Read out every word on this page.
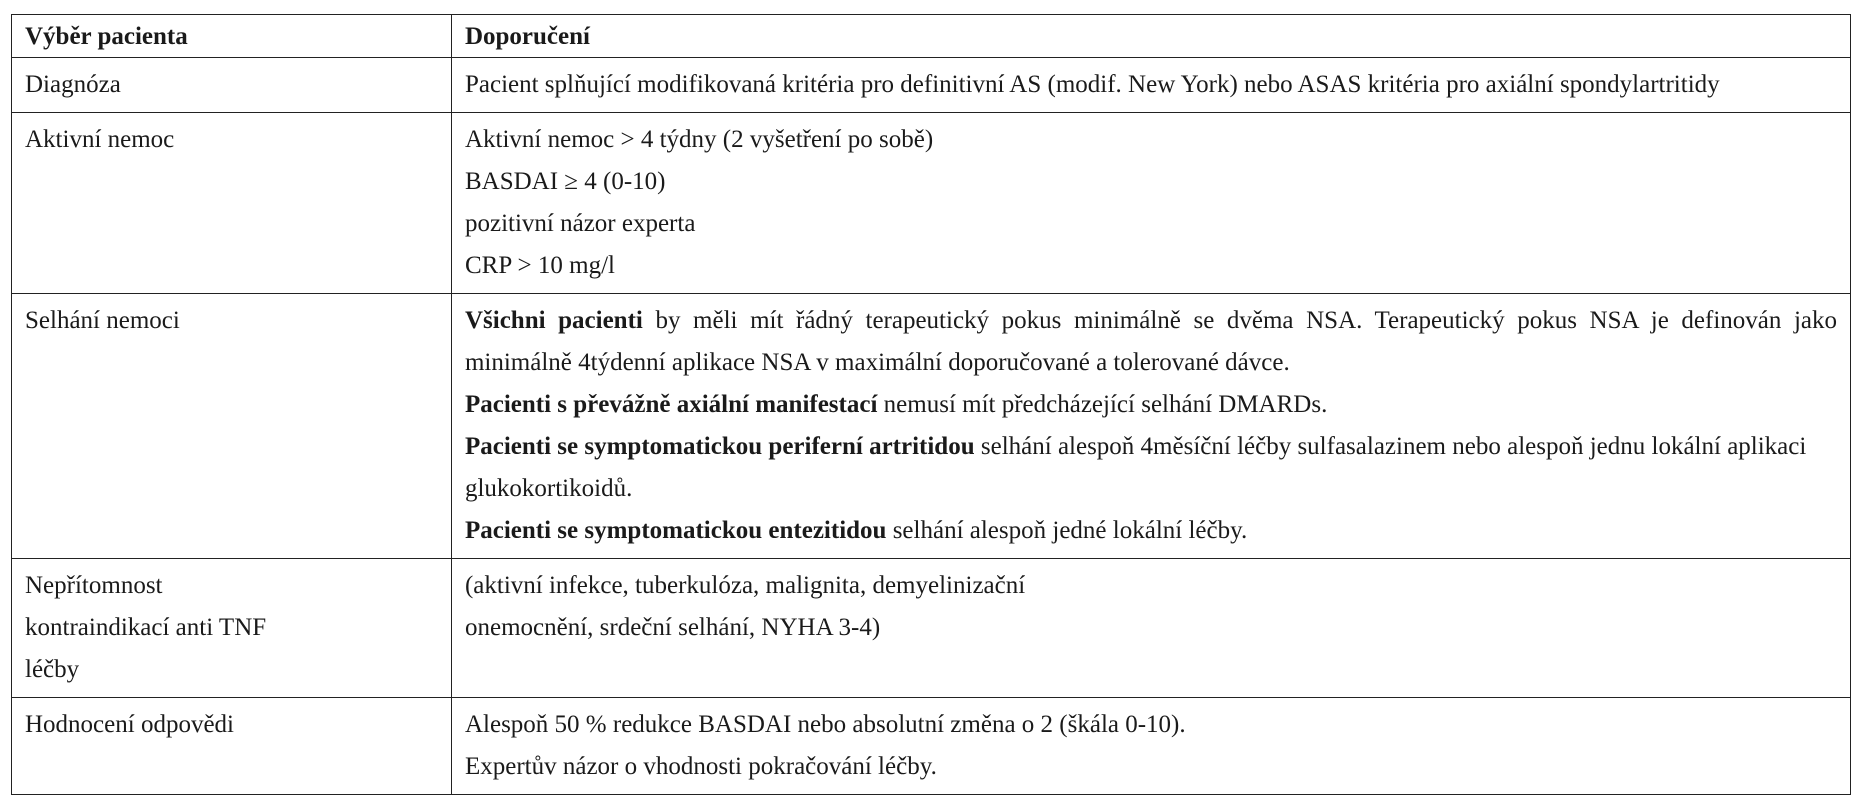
Výběr pacienta	Doporučení
Diagnóza	Pacient splňující modifikovaná kritéria pro definitivní AS (modif. New York) nebo ASAS kritéria pro axiální spondylartritidy
Aktivní nemoc	Aktivní nemoc > 4 týdny (2 vyšetření po sobě)
BASDAI ≥ 4 (0-10)
pozitivní názor experta
CRP > 10 mg/l

Selhání nemoci	Všichni pacienti by měli mít řádný terapeutický pokus minimálně se dvěma NSA. Terapeutický pokus NSA je definován jako minimálně 4týdenní aplikace NSA v maximální doporučované a tolerované dávce.
Pacienti s převážně axiální manifestací nemusí mít předcházející selhání DMARDs.
Pacienti se symptomatickou periferní artritidou selhání alespoň 4měsíční léčby sulfasalazinem nebo alespoň jednu lokální aplikaci glukokortikoidů.
Pacienti se symptomatickou entezitidou selhání alespoň jedné lokální léčby.

Nepřítomnost
kontraindikací anti TNF
léčby	(aktivní infekce, tuberkulóza, malignita, demyelinizační
onemocnění, srdeční selhání, NYHA 3-4)

Hodnocení odpovědi	Alespoň 50 % redukce BASDAI nebo absolutní změna o 2 (škála 0-10).
Expertův názor o vhodnosti pokračování léčby.
